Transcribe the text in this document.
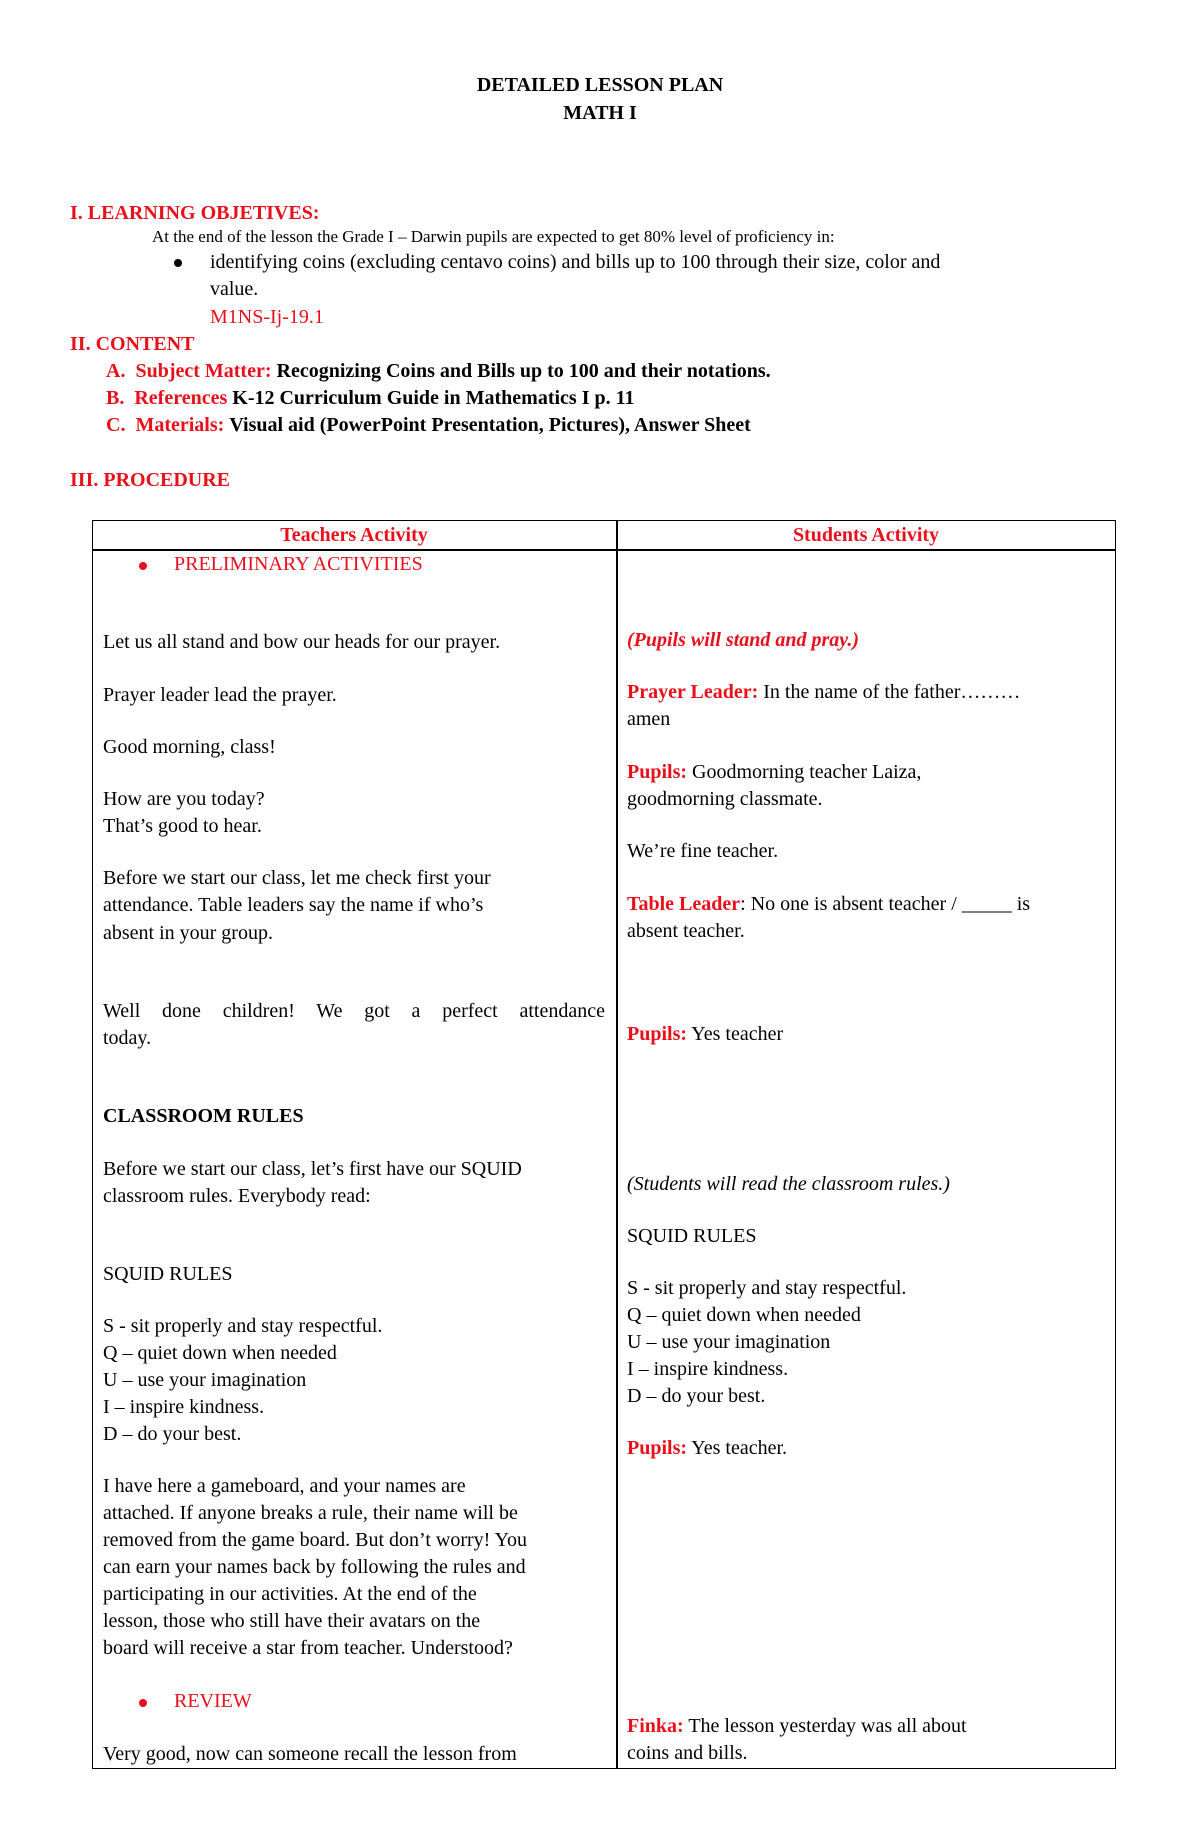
DETAILED LESSON PLAN
MATH I
I. LEARNING OBJETIVES:
At the end of the lesson the Grade I – Darwin pupils are expected to get 80% level of proficiency in:
identifying coins (excluding centavo coins) and bills up to 100 through their size, color and
value.
M1NS-Ij-19.1
II. CONTENT
A. Subject Matter: Recognizing Coins and Bills up to 100 and their notations.
B. References K-12 Curriculum Guide in Mathematics I p. 11
C. Materials: Visual aid (PowerPoint Presentation, Pictures), Answer Sheet
III. PROCEDURE
Teachers Activity	Students Activity
PRELIMINARY ACTIVITIES
Let us all stand and bow our heads for our prayer.
Prayer leader lead the prayer.
Good morning, class!
How are you today?
That’s good to hear.
Before we start our class, let me check first your
attendance. Table leaders say the name if who’s
absent in your group.
Well done children! We got a perfect attendance
today.
CLASSROOM RULES
Before we start our class, let’s first have our SQUID
classroom rules. Everybody read:
SQUID RULES
S - sit properly and stay respectful.
Q – quiet down when needed
U – use your imagination
I – inspire kindness.
D – do your best.
I have here a gameboard, and your names are
attached. If anyone breaks a rule, their name will be
removed from the game board. But don’t worry! You
can earn your names back by following the rules and
participating in our activities. At the end of the
lesson, those who still have their avatars on the
board will receive a star from teacher. Understood?
REVIEW
Very good, now can someone recall the lesson from
(Pupils will stand and pray.)
Prayer Leader: In the name of the father………
amen
Pupils: Goodmorning teacher Laiza,
goodmorning classmate.
We’re fine teacher.
Table Leader: No one is absent teacher / _____ is
absent teacher.
Pupils: Yes teacher
(Students will read the classroom rules.)
SQUID RULES
S - sit properly and stay respectful.
Q – quiet down when needed
U – use your imagination
I – inspire kindness.
D – do your best.
Pupils: Yes teacher.
Finka: The lesson yesterday was all about
coins and bills.
